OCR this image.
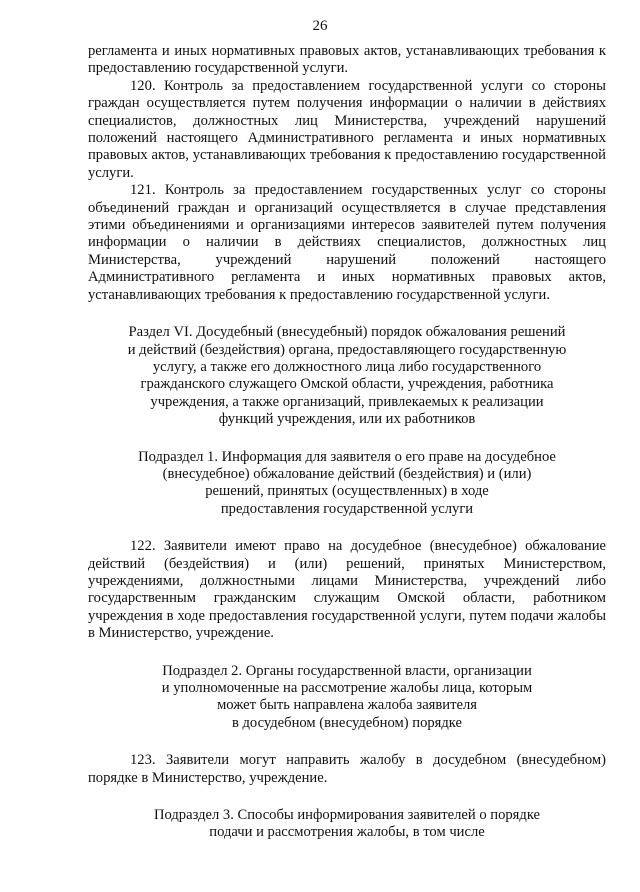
26

регламента и иных нормативных правовых актов, устанавливающих требования к предоставлению государственной услуги.

120. Контроль за предоставлением государственной услуги со стороны граждан осуществляется путем получения информации о наличии в действиях специалистов, должностных лиц Министерства, учреждений нарушений положений настоящего Административного регламента и иных нормативных правовых актов, устанавливающих требования к предоставлению государственной услуги.

121. Контроль за предоставлением государственных услуг со стороны объединений граждан и организаций осуществляется в случае представления этими объединениями и организациями интересов заявителей путем получения информации о наличии в действиях специалистов, должностных лиц Министерства, учреждений нарушений положений настоящего Административного регламента и иных нормативных правовых актов, устанавливающих требования к предоставлению государственной услуги.

Раздел VI. Досудебный (внесудебный) порядок обжалования решений
и действий (бездействия) органа, предоставляющего государственную
услугу, а также его должностного лица либо государственного
гражданского служащего Омской области, учреждения, работника
учреждения, а также организаций, привлекаемых к реализации
функций учреждения, или их работников
Подраздел 1. Информация для заявителя о его праве на досудебное
(внесудебное) обжалование действий (бездействия) и (или)
решений, принятых (осуществленных) в ходе
предоставления государственной услуги

122. Заявители имеют право на досудебное (внесудебное) обжалование действий (бездействия) и (или) решений, принятых Министерством, учреждениями, должностными лицами Министерства, учреждений либо государственным гражданским служащим Омской области, работником учреждения в ходе предоставления государственной услуги, путем подачи жалобы в Министерство, учреждение.

Подраздел 2. Органы государственной власти, организации
и уполномоченные на рассмотрение жалобы лица, которым
может быть направлена жалоба заявителя
в досудебном (внесудебном) порядке

123. Заявители могут направить жалобу в досудебном (внесудебном) порядке в Министерство, учреждение.

Подраздел 3. Способы информирования заявителей о порядке
подачи и рассмотрения жалобы, в том числе
